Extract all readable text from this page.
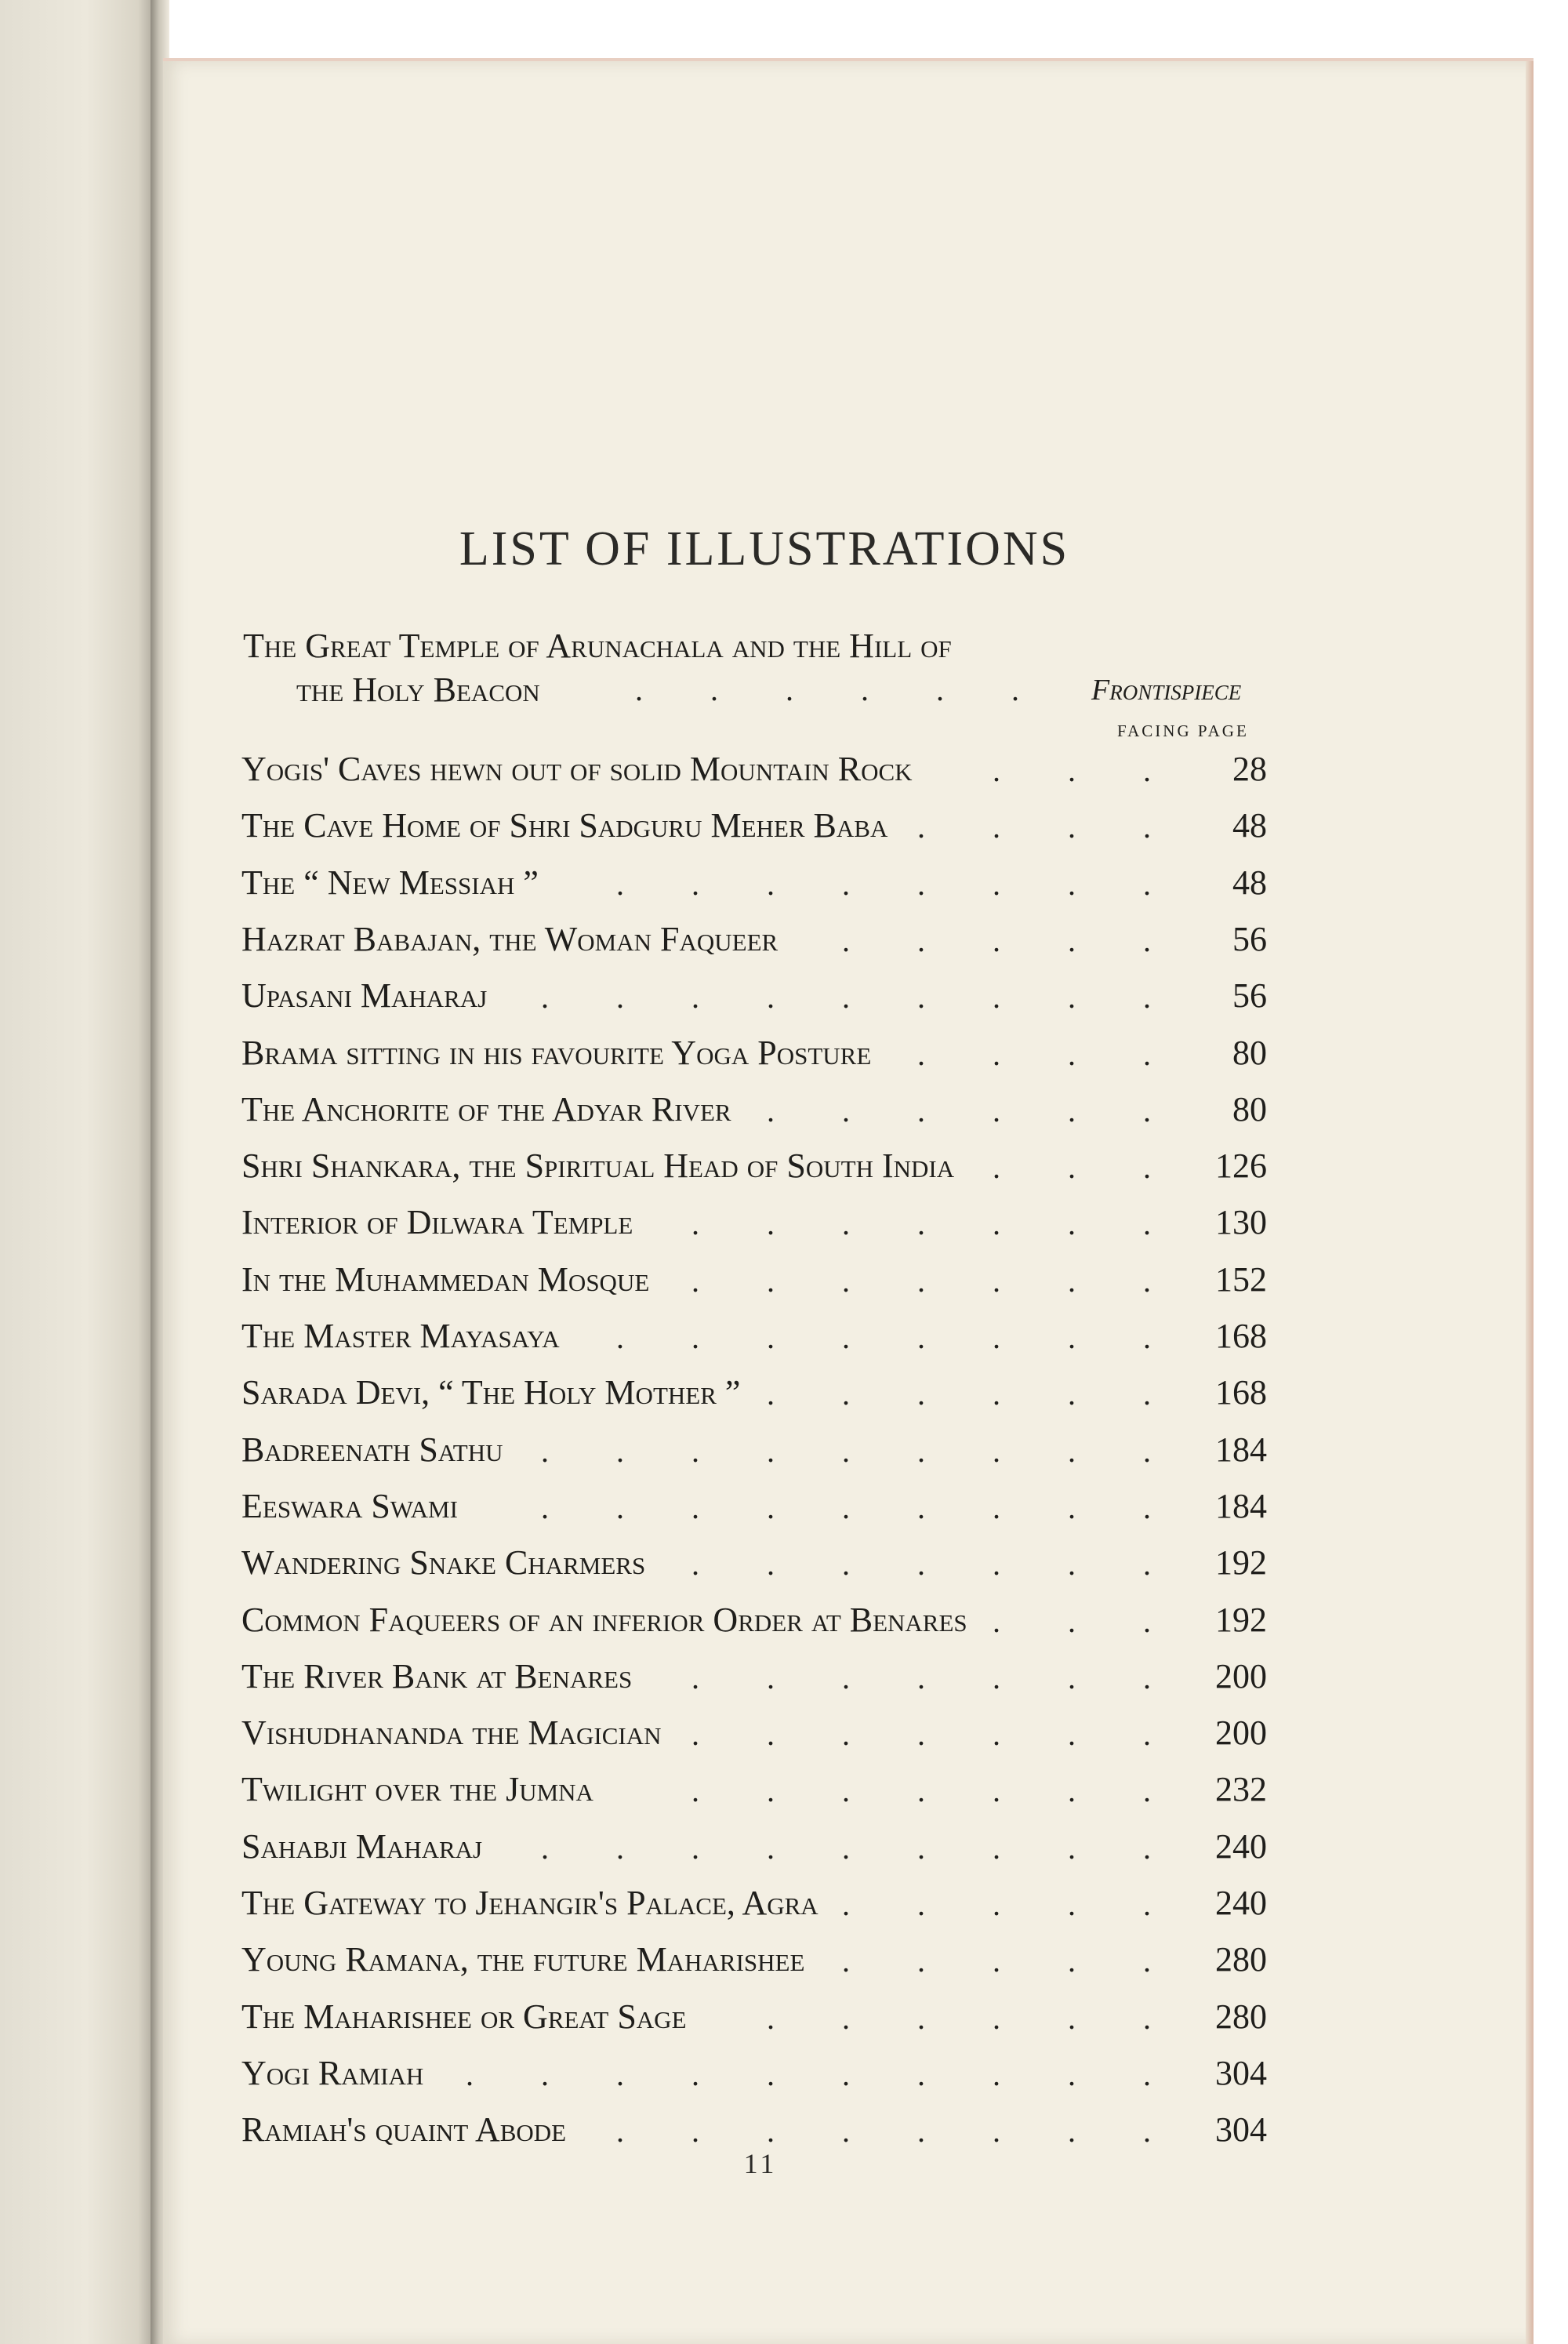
LIST OF ILLUSTRATIONS
The Great Temple of Arunachala and the Hill of
the Holy Beacon	. . . . . . Frontispiece
FACING PAGE
Yogis' Caves hewn out of solid Mountain Rock	. . . 28
The Cave Home of Shri Sadguru Meher Baba . . . . 48
The “ New Messiah ” . . . . . . . . 48
Hazrat Babajan, the Woman Faqueer . . . . . 56
Upasani Maharaj . . . . . . . . . 56
Brama sitting in his favourite Yoga Posture . . . . 80
The Anchorite of the Adyar River . . . . . . 80
Shri Shankara, the Spiritual Head of South India . . . 126
Interior of Dilwara Temple . . . . . . . 130
In the Muhammedan Mosque . . . . . . . 152
The Master Mayasaya . . . . . . . . 168
Sarada Devi, “ The Holy Mother ” . . . . . . 168
Badreenath Sathu . . . . . . . . . 184
Eeswara Swami	. . . . . . . . . 184
Wandering Snake Charmers . . . . . . . 192
Common Faqueers of an inferior Order at Benares . . . 192
The River Bank at Benares . . . . . . . 200
Vishudhananda the Magician . . . . . . . 200
Twilight over the Jumna	. . . . . . . 232
Sahabji Maharaj . . . . . . . . . 240
The Gateway to Jehangir's Palace, Agra . . . . . 240
Young Ramana, the future Maharishee . . . . . 280
The Maharishee or Great Sage	. . . . . . 280
Yogi Ramiah . . . . . . . . . . 304
Ramiah's quaint Abode . . . . . . . . 304
11
